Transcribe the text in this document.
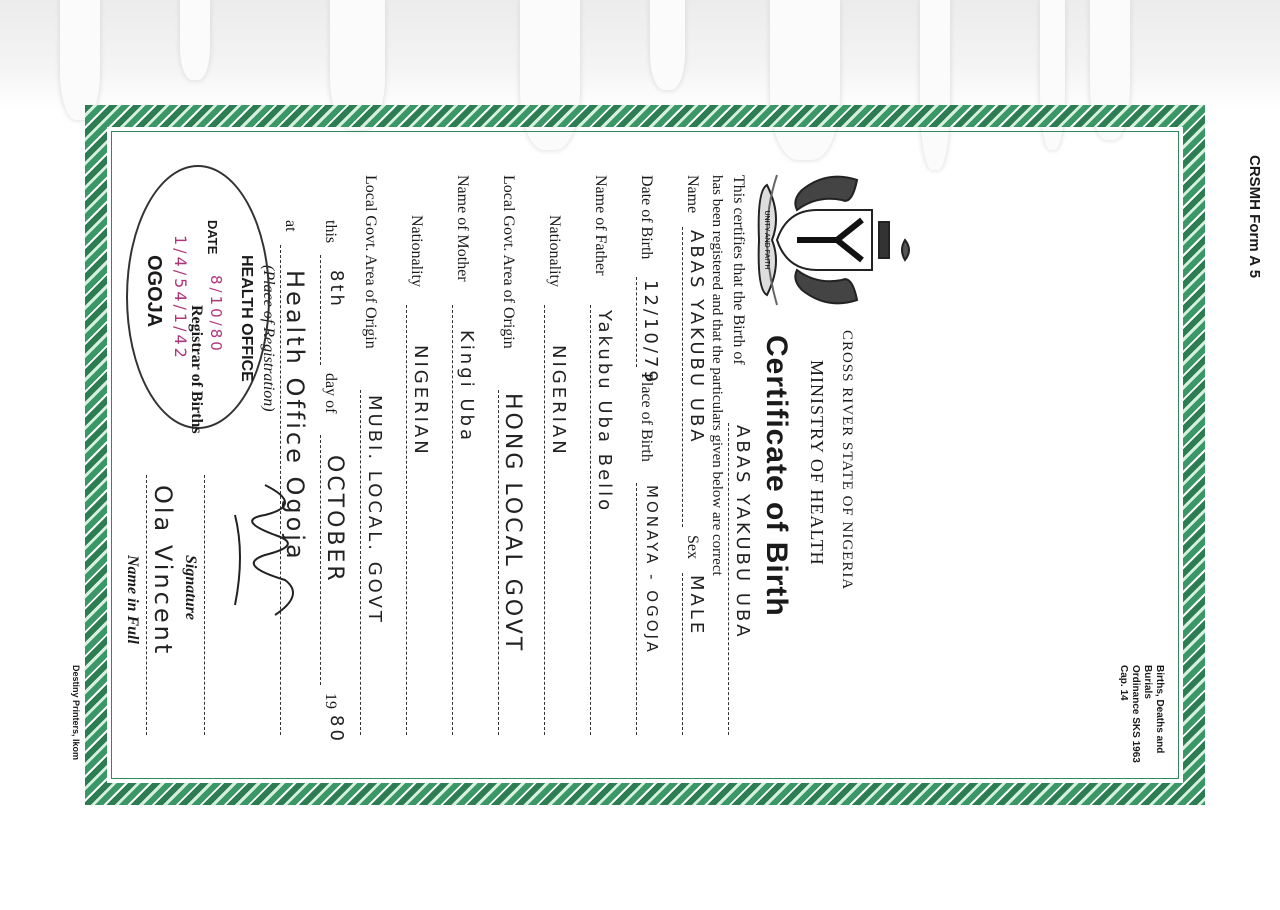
CRSMH Form A 5
Births, Deaths and Burials
Ordinance SKS 1963 Cap. 14
UNITY AND FAITH
CROSS RIVER STATE OF NIGERIA
MINISTRY OF HEALTH
Certificate of Birth
This certifies that the Birth of
ABAS YAKUBU UBA
has been registered and that the particulars given below are correct
Name
ABAS YAKUBU UBA
Sex
MALE
Date of Birth
12/10/79
Place of Birth
MONAYA - OGOJA
Name of Father
Yakubu Uba Bello
Nationality
NIGERIAN
Local Govt. Area of Origin
HONG LOCAL GOVT
Name of Mother
Kingi Uba
Nationality
NIGERIAN
Local Govt. Area of Origin
MUBI. LOCAL. GOVT
this
8th
day of
OCTOBER
19
80
at
Health Office Ogoja
(Place of Registration)
HEALTH OFFICE
DATE
8/10/80
OGOJA 1/4/54/1/42
Registrar of Births
Signature
Ola Vincent
Name in Full
Destiny Printers, Ikom
